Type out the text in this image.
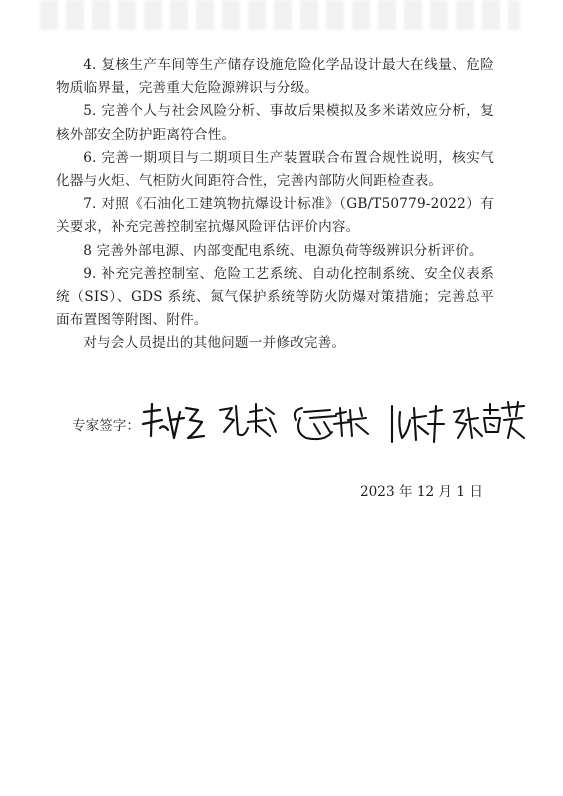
4. 复核生产车间等生产储存设施危险化学品设计最大在线量、危险物质临界量，完善重大危险源辨识与分级。

5. 完善个人与社会风险分析、事故后果模拟及多米诺效应分析，复核外部安全防护距离符合性。

6. 完善一期项目与二期项目生产装置联合布置合规性说明，核实气化器与火炬、气柜防火间距符合性，完善内部防火间距检查表。

7. 对照《石油化工建筑物抗爆设计标准》（GB/T50779-2022）有关要求，补充完善控制室抗爆风险评估评价内容。

8 完善外部电源、内部变配电系统、电源负荷等级辨识分析评价。

9. 补充完善控制室、危险工艺系统、自动化控制系统、安全仪表系统（SIS）、GDS 系统、氮气保护系统等防火防爆对策措施；完善总平面布置图等附图、附件。

对与会人员提出的其他问题一并修改完善。

专家签字：
2023 年 12 月 1 日
